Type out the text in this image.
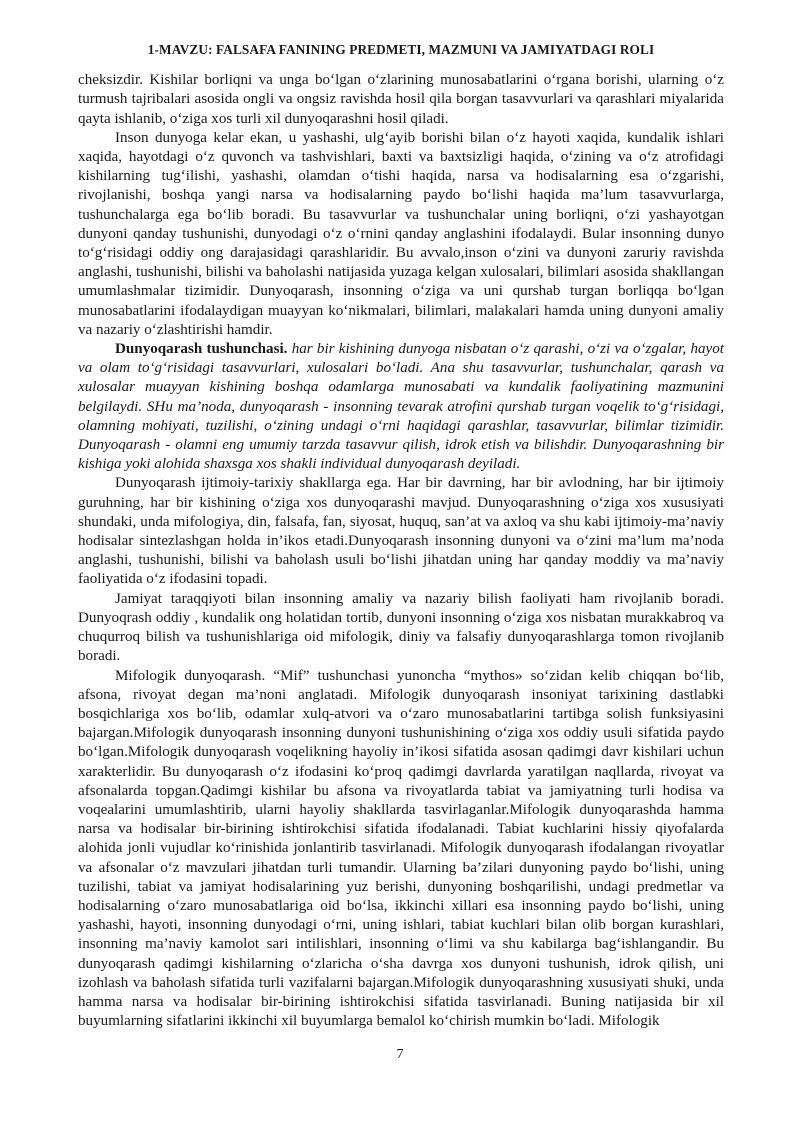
1-MAVZU: FALSAFA FANINING PREDMETI, MAZMUNI VA JAMIYATDAGI ROLI

cheksizdir. Kishilar borliqni va unga bo‘lgan o‘zlarining munosabatlarini o‘rgana borishi, ularning o‘z turmush tajribalari asosida ongli va ongsiz ravishda hosil qila borgan tasavvurlari va qarashlari miyalarida qayta ishlanib, o‘ziga xos turli xil dunyoqarashni hosil qiladi.

Inson dunyoga kelar ekan, u yashashi, ulg‘ayib borishi bilan o‘z hayoti xaqida, kundalik ishlari xaqida, hayotdagi o‘z quvonch va tashvishlari, baxti va baxtsizligi haqida, o‘zining va o‘z atrofidagi kishilarning tug‘ilishi, yashashi, olamdan o‘tishi haqida, narsa va hodisalarning esa o‘zgarishi, rivojlanishi, boshqa yangi narsa va hodisalarning paydo bo‘lishi haqida ma’lum tasavvurlarga, tushunchalarga ega bo‘lib boradi. Bu tasavvurlar va tushunchalar uning borliqni, o‘zi yashayotgan dunyoni qanday tushunishi, dunyodagi o‘z o‘rnini qanday anglashini ifodalaydi. Bular insonning dunyo to‘g‘risidagi oddiy ong darajasidagi qarashlaridir. Bu avvalo,inson o‘zini va dunyoni zaruriy ravishda anglashi, tushunishi, bilishi va baholashi natijasida yuzaga kelgan xulosalari, bilimlari asosida shakllangan umumlashmalar tizimidir. Dunyoqarash, insonning o‘ziga va uni qurshab turgan borliqqa bo‘lgan munosabatlarini ifodalaydigan muayyan ko‘nikmalari, bilimlari, malakalari hamda uning dunyoni amaliy va nazariy o‘zlashtirishi hamdir.

Dunyoqarash tushunchasi. har bir kishining dunyoga nisbatan o‘z qarashi, o‘zi va o‘zgalar, hayot va olam to‘g‘risidagi tasavvurlari, xulosalari bo‘ladi. Ana shu tasavvurlar, tushunchalar, qarash va xulosalar muayyan kishining boshqa odamlarga munosabati va kundalik faoliyatining mazmunini belgilaydi. SHu ma’noda, dunyoqarash - insonning tevarak atrofini qurshab turgan voqelik to‘g‘risidagi, olamning mohiyati, tuzilishi, o‘zining undagi o‘rni haqidagi qarashlar, tasavvurlar, bilimlar tizimidir. Dunyoqarash - olamni eng umumiy tarzda tasavvur qilish, idrok etish va bilishdir. Dunyoqarashning bir kishiga yoki alohida shaxsga xos shakli individual dunyoqarash deyiladi.

Dunyoqarash ijtimoiy-tarixiy shakllarga ega. Har bir davrning, har bir avlodning, har bir ijtimoiy guruhning, har bir kishining o‘ziga xos dunyoqarashi mavjud. Dunyoqarashning o‘ziga xos xususiyati shundaki, unda mifologiya, din, falsafa, fan, siyosat, huquq, san’at va axloq va shu kabi ijtimoiy-ma’naviy hodisalar sintezlashgan holda in’ikos etadi.Dunyoqarash insonning dunyoni va o‘zini ma’lum ma’noda anglashi, tushunishi, bilishi va baholash usuli bo‘lishi jihatdan uning har qanday moddiy va ma’naviy faoliyatida o‘z ifodasini topadi.

Jamiyat taraqqiyoti bilan insonning amaliy va nazariy bilish faoliyati ham rivojlanib boradi. Dunyoqrash oddiy , kundalik ong holatidan tortib, dunyoni insonning o‘ziga xos nisbatan murakkabroq va chuqurroq bilish va tushunishlariga oid mifologik, diniy va falsafiy dunyoqarashlarga tomon rivojlanib boradi.

Mifologik dunyoqarash. “Mif” tushunchasi yunoncha “mythos» so‘zidan kelib chiqqan bo‘lib, afsona, rivoyat degan ma’noni anglatadi. Mifologik dunyoqarash insoniyat tarixining dastlabki bosqichlariga xos bo‘lib, odamlar xulq-atvori va o‘zaro munosabatlarini tartibga solish funksiyasini bajargan.Mifologik dunyoqarash insonning dunyoni tushunishining o‘ziga xos oddiy usuli sifatida paydo bo‘lgan.Mifologik dunyoqarash voqelikning hayoliy in’ikosi sifatida asosan qadimgi davr kishilari uchun xarakterlidir. Bu dunyoqarash o‘z ifodasini ko‘proq qadimgi davrlarda yaratilgan naqllarda, rivoyat va afsonalarda topgan.Qadimgi kishilar bu afsona va rivoyatlarda tabiat va jamiyatning turli hodisa va voqealarini umumlashtirib, ularni hayoliy shakllarda tasvirlaganlar.Mifologik dunyoqarashda hamma narsa va hodisalar bir-birining ishtirokchisi sifatida ifodalanadi. Tabiat kuchlarini hissiy qiyofalarda alohida jonli vujudlar ko‘rinishida jonlantirib tasvirlanadi. Mifologik dunyoqarash ifodalangan rivoyatlar va afsonalar o‘z mavzulari jihatdan turli tumandir. Ularning ba’zilari dunyoning paydo bo‘lishi, uning tuzilishi, tabiat va jamiyat hodisalarining yuz berishi, dunyoning boshqarilishi, undagi predmetlar va hodisalarning o‘zaro munosabatlariga oid bo‘lsa, ikkinchi xillari esa insonning paydo bo‘lishi, uning yashashi, hayoti, insonning dunyodagi o‘rni, uning ishlari, tabiat kuchlari bilan olib borgan kurashlari, insonning ma’naviy kamolot sari intilishlari, insonning o‘limi va shu kabilarga bag‘ishlangandir. Bu dunyoqarash qadimgi kishilarning o‘zlaricha o‘sha davrga xos dunyoni tushunish, idrok qilish, uni izohlash va baholash sifatida turli vazifalarni bajargan.Mifologik dunyoqarashning xususiyati shuki, unda hamma narsa va hodisalar bir-birining ishtirokchisi sifatida tasvirlanadi. Buning natijasida bir xil buyumlarning sifatlarini ikkinchi xil buyumlarga bemalol ko‘chirish mumkin bo‘ladi. Mifologik

7
